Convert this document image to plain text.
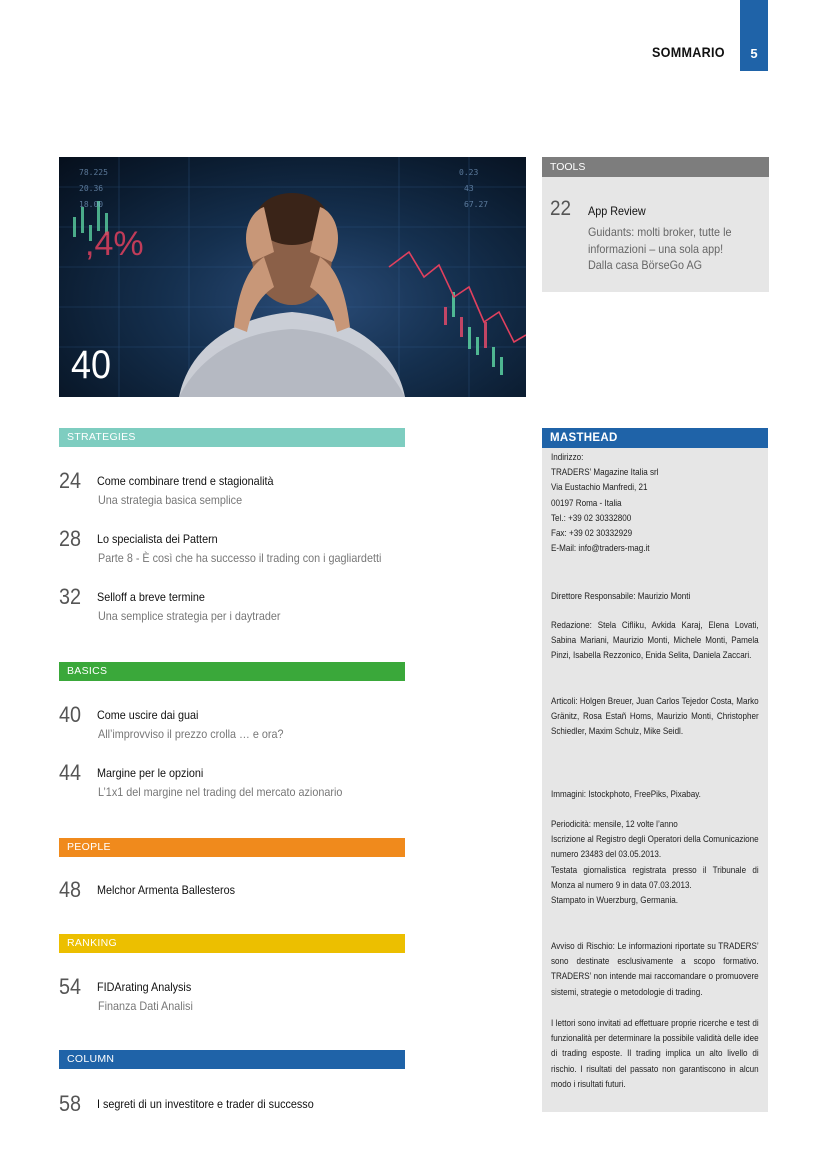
SOMMARIO 5
78.225
20.36
18.00
0.23
43
67.27
,4%
40
TOOLS
22 App Review
Guidants: molti broker, tutte le
informazioni – una sola app!
Dalla casa BörseGo AG
STRATEGIES
24 Come combinare trend e stagionalità
Una strategia basica semplice
28 Lo specialista dei Pattern
Parte 8 - È così che ha successo il trading con i gagliardetti
32 Selloff a breve termine
Una semplice strategia per i daytrader
BASICS
40 Come uscire dai guai
All’improvviso il prezzo crolla … e ora?
44 Margine per le opzioni
L’1x1 del margine nel trading del mercato azionario
PEOPLE
48 Melchor Armenta Ballesteros
RANKING
54 FIDArating Analysis
Finanza Dati Analisi
COLUMN
58 I segreti di un investitore e trader di successo
MASTHEAD
Indirizzo:
TRADERS’ Magazine Italia srl
Via Eustachio Manfredi, 21
00197 Roma - Italia
Tel.: +39 02 30332800
Fax: +39 02 30332929
E-Mail: info@traders-mag.it
Direttore Responsabile: Maurizio Monti
Redazione: Stela Cifliku, Avkida Karaj, Elena Lovati, Sabina Mariani, Maurizio Monti, Michele Monti, Pamela Pinzi, Isabella Rezzonico, Enida Selita, Daniela Zaccari.
Articoli: Holgen Breuer, Juan Carlos Tejedor Costa, Marko Gränitz, Rosa Estañ Homs, Maurizio Monti, Christopher Schiedler, Maxim Schulz, Mike Seidl.
Immagini: Istockphoto, FreePiks, Pixabay.
Periodicità: mensile, 12 volte l’anno
Iscrizione al Registro degli Operatori della Comunicazione numero 23483 del 03.05.2013.
Testata giornalistica registrata presso il Tribunale di Monza al numero 9 in data 07.03.2013.
Stampato in Wuerzburg, Germania.
Avviso di Rischio: Le informazioni riportate su TRADERS’ sono destinate esclusivamente a scopo formativo. TRADERS’ non intende mai raccomandare o promuovere sistemi, strategie o metodologie di trading.
I lettori sono invitati ad effettuare proprie ricerche e test di funzionalità per determinare la possibile validità delle idee di trading esposte. Il trading implica un alto livello di rischio. I risultati del passato non garantiscono in alcun modo i risultati futuri.
